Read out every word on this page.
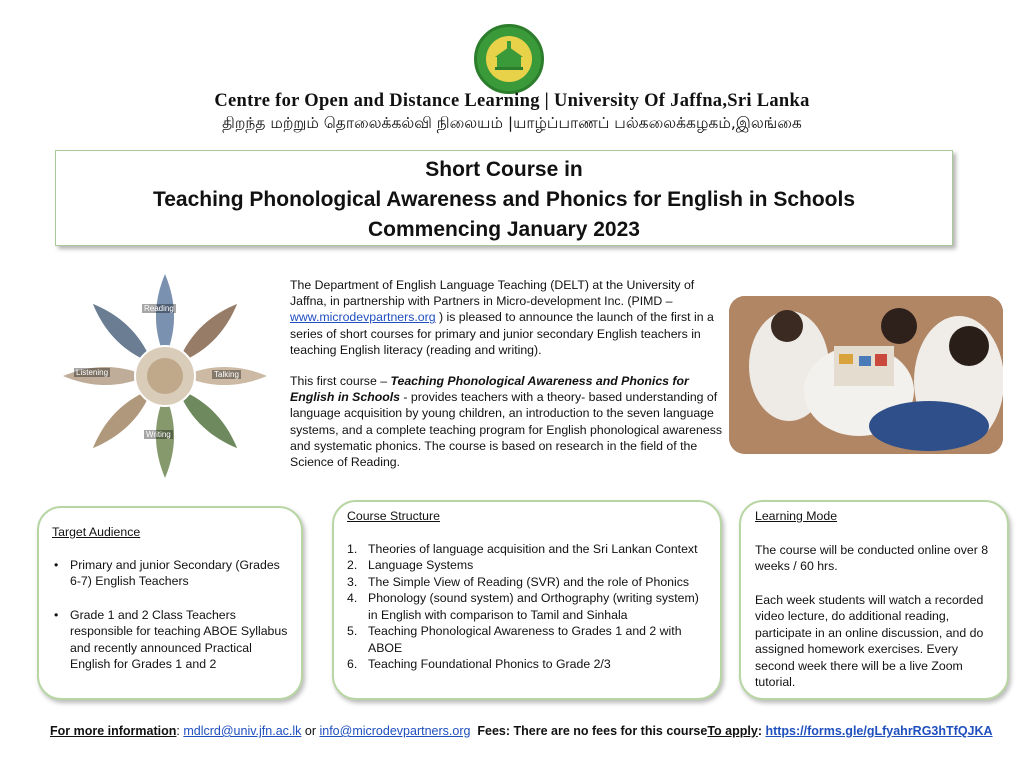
Centre for Open and Distance Learning | University Of Jaffna,Sri Lanka
திறந்த மற்றும் தொலைக்கல்வி நிலையம் |யாழ்ப்பாணப் பல்கலைக்கழகம்,இலங்கை
Short Course in
Teaching Phonological Awareness and Phonics for English in Schools
Commencing January 2023
Reading
Listening	Talking
Writing

The Department of English Language Teaching (DELT) at the University of Jaffna, in partnership with Partners in Micro-development Inc. (PIMD – www.microdevpartners.org ) is pleased to announce the launch of the first in a series of short courses for primary and junior secondary English teachers in teaching English literacy (reading and writing).

This first course – Teaching Phonological Awareness and Phonics for English in Schools - provides teachers with a theory- based understanding of language acquisition by young children, an introduction to the seven language systems, and a complete teaching program for English phonological awareness and systematic phonics. The course is based on research in the field of the Science of Reading.

Target Audience
• Primary and junior Secondary (Grades 6-7) English Teachers
• Grade 1 and 2 Class Teachers responsible for teaching ABOE Syllabus and recently announced Practical English for Grades 1 and 2
Course Structure
1. Theories of language acquisition and the Sri Lankan Context
2. Language Systems
3. The Simple View of Reading (SVR) and the role of Phonics
4. Phonology (sound system) and Orthography (writing system) in English with comparison to Tamil and Sinhala
5. Teaching Phonological Awareness to Grades 1 and 2 with ABOE
6. Teaching Foundational Phonics to Grade 2/3
Learning Mode

The course will be conducted online over 8 weeks / 60 hrs.

Each week students will watch a recorded video lecture, do additional reading, participate in an online discussion, and do assigned homework exercises. Every second week there will be a live Zoom tutorial.

For more information: mdlcrd@univ.jfn.ac.lk or info@microdevpartners.org Fees: There are no fees for this courseTo apply: https://forms.gle/gLfyahrRG3hTfQJKA
